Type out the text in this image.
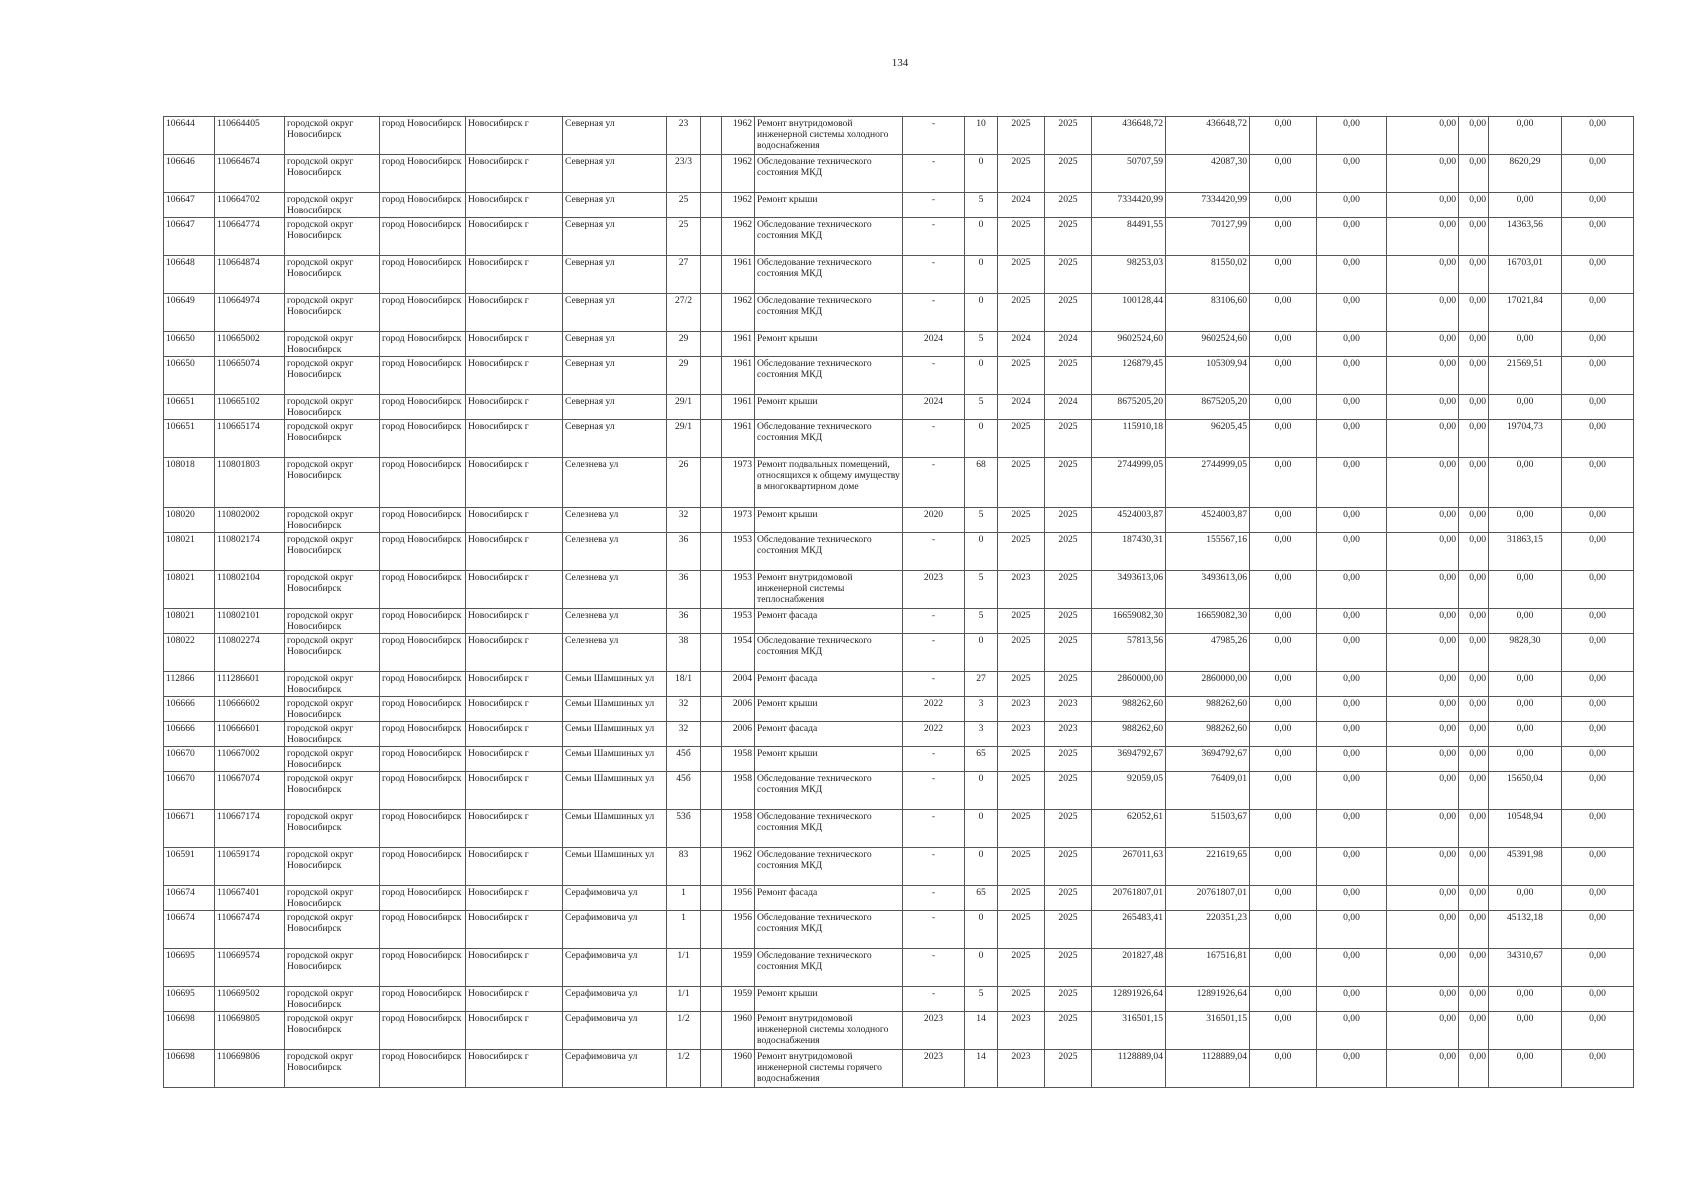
134
106644	110664405	городской округ Новосибирск	город Новосибирск	Новосибирск г	Северная ул	23		1962	Ремонт внутридомовой инженерной системы холодного водоснабжения	-	10	2025	2025	436648,72	436648,72	0,00	0,00	0,00	0,00	0,00	0,00
106646	110664674	городской округ Новосибирск	город Новосибирск	Новосибирск г	Северная ул	23/3		1962	Обследование технического состояния МКД	-	0	2025	2025	50707,59	42087,30	0,00	0,00	0,00	0,00	8620,29	0,00
106647	110664702	городской округ Новосибирск	город Новосибирск	Новосибирск г	Северная ул	25		1962	Ремонт крыши	-	5	2024	2025	7334420,99	7334420,99	0,00	0,00	0,00	0,00	0,00	0,00
106647	110664774	городской округ Новосибирск	город Новосибирск	Новосибирск г	Северная ул	25		1962	Обследование технического состояния МКД	-	0	2025	2025	84491,55	70127,99	0,00	0,00	0,00	0,00	14363,56	0,00
106648	110664874	городской округ Новосибирск	город Новосибирск	Новосибирск г	Северная ул	27		1961	Обследование технического состояния МКД	-	0	2025	2025	98253,03	81550,02	0,00	0,00	0,00	0,00	16703,01	0,00
106649	110664974	городской округ Новосибирск	город Новосибирск	Новосибирск г	Северная ул	27/2		1962	Обследование технического состояния МКД	-	0	2025	2025	100128,44	83106,60	0,00	0,00	0,00	0,00	17021,84	0,00
106650	110665002	городской округ Новосибирск	город Новосибирск	Новосибирск г	Северная ул	29		1961	Ремонт крыши	2024	5	2024	2024	9602524,60	9602524,60	0,00	0,00	0,00	0,00	0,00	0,00
106650	110665074	городской округ Новосибирск	город Новосибирск	Новосибирск г	Северная ул	29		1961	Обследование технического состояния МКД	-	0	2025	2025	126879,45	105309,94	0,00	0,00	0,00	0,00	21569,51	0,00
106651	110665102	городской округ Новосибирск	город Новосибирск	Новосибирск г	Северная ул	29/1		1961	Ремонт крыши	2024	5	2024	2024	8675205,20	8675205,20	0,00	0,00	0,00	0,00	0,00	0,00
106651	110665174	городской округ Новосибирск	город Новосибирск	Новосибирск г	Северная ул	29/1		1961	Обследование технического состояния МКД	-	0	2025	2025	115910,18	96205,45	0,00	0,00	0,00	0,00	19704,73	0,00
108018	110801803	городской округ Новосибирск	город Новосибирск	Новосибирск г	Селезнева ул	26		1973	Ремонт подвальных помещений, относящихся к общему имуществу в многоквартирном доме	-	68	2025	2025	2744999,05	2744999,05	0,00	0,00	0,00	0,00	0,00	0,00
108020	110802002	городской округ Новосибирск	город Новосибирск	Новосибирск г	Селезнева ул	32		1973	Ремонт крыши	2020	5	2025	2025	4524003,87	4524003,87	0,00	0,00	0,00	0,00	0,00	0,00
108021	110802174	городской округ Новосибирск	город Новосибирск	Новосибирск г	Селезнева ул	36		1953	Обследование технического состояния МКД	-	0	2025	2025	187430,31	155567,16	0,00	0,00	0,00	0,00	31863,15	0,00
108021	110802104	городской округ Новосибирск	город Новосибирск	Новосибирск г	Селезнева ул	36		1953	Ремонт внутридомовой инженерной системы теплоснабжения	2023	5	2023	2025	3493613,06	3493613,06	0,00	0,00	0,00	0,00	0,00	0,00
108021	110802101	городской округ Новосибирск	город Новосибирск	Новосибирск г	Селезнева ул	36		1953	Ремонт фасада	-	5	2025	2025	16659082,30	16659082,30	0,00	0,00	0,00	0,00	0,00	0,00
108022	110802274	городской округ Новосибирск	город Новосибирск	Новосибирск г	Селезнева ул	38		1954	Обследование технического состояния МКД	-	0	2025	2025	57813,56	47985,26	0,00	0,00	0,00	0,00	9828,30	0,00
112866	111286601	городской округ Новосибирск	город Новосибирск	Новосибирск г	Семьи Шамшиных ул	18/1		2004	Ремонт фасада	-	27	2025	2025	2860000,00	2860000,00	0,00	0,00	0,00	0,00	0,00	0,00
106666	110666602	городской округ Новосибирск	город Новосибирск	Новосибирск г	Семьи Шамшиных ул	32		2006	Ремонт крыши	2022	3	2023	2023	988262,60	988262,60	0,00	0,00	0,00	0,00	0,00	0,00
106666	110666601	городской округ Новосибирск	город Новосибирск	Новосибирск г	Семьи Шамшиных ул	32		2006	Ремонт фасада	2022	3	2023	2023	988262,60	988262,60	0,00	0,00	0,00	0,00	0,00	0,00
106670	110667002	городской округ Новосибирск	город Новосибирск	Новосибирск г	Семьи Шамшиных ул	45б		1958	Ремонт крыши	-	65	2025	2025	3694792,67	3694792,67	0,00	0,00	0,00	0,00	0,00	0,00
106670	110667074	городской округ Новосибирск	город Новосибирск	Новосибирск г	Семьи Шамшиных ул	45б		1958	Обследование технического состояния МКД	-	0	2025	2025	92059,05	76409,01	0,00	0,00	0,00	0,00	15650,04	0,00
106671	110667174	городской округ Новосибирск	город Новосибирск	Новосибирск г	Семьи Шамшиных ул	53б		1958	Обследование технического состояния МКД	-	0	2025	2025	62052,61	51503,67	0,00	0,00	0,00	0,00	10548,94	0,00
106591	110659174	городской округ Новосибирск	город Новосибирск	Новосибирск г	Семьи Шамшиных ул	83		1962	Обследование технического состояния МКД	-	0	2025	2025	267011,63	221619,65	0,00	0,00	0,00	0,00	45391,98	0,00
106674	110667401	городской округ Новосибирск	город Новосибирск	Новосибирск г	Серафимовича ул	1		1956	Ремонт фасада	-	65	2025	2025	20761807,01	20761807,01	0,00	0,00	0,00	0,00	0,00	0,00
106674	110667474	городской округ Новосибирск	город Новосибирск	Новосибирск г	Серафимовича ул	1		1956	Обследование технического состояния МКД	-	0	2025	2025	265483,41	220351,23	0,00	0,00	0,00	0,00	45132,18	0,00
106695	110669574	городской округ Новосибирск	город Новосибирск	Новосибирск г	Серафимовича ул	1/1		1959	Обследование технического состояния МКД	-	0	2025	2025	201827,48	167516,81	0,00	0,00	0,00	0,00	34310,67	0,00
106695	110669502	городской округ Новосибирск	город Новосибирск	Новосибирск г	Серафимовича ул	1/1		1959	Ремонт крыши	-	5	2025	2025	12891926,64	12891926,64	0,00	0,00	0,00	0,00	0,00	0,00
106698	110669805	городской округ Новосибирск	город Новосибирск	Новосибирск г	Серафимовича ул	1/2		1960	Ремонт внутридомовой инженерной системы холодного водоснабжения	2023	14	2023	2025	316501,15	316501,15	0,00	0,00	0,00	0,00	0,00	0,00
106698	110669806	городской округ Новосибирск	город Новосибирск	Новосибирск г	Серафимовича ул	1/2		1960	Ремонт внутридомовой инженерной системы горячего водоснабжения	2023	14	2023	2025	1128889,04	1128889,04	0,00	0,00	0,00	0,00	0,00	0,00
